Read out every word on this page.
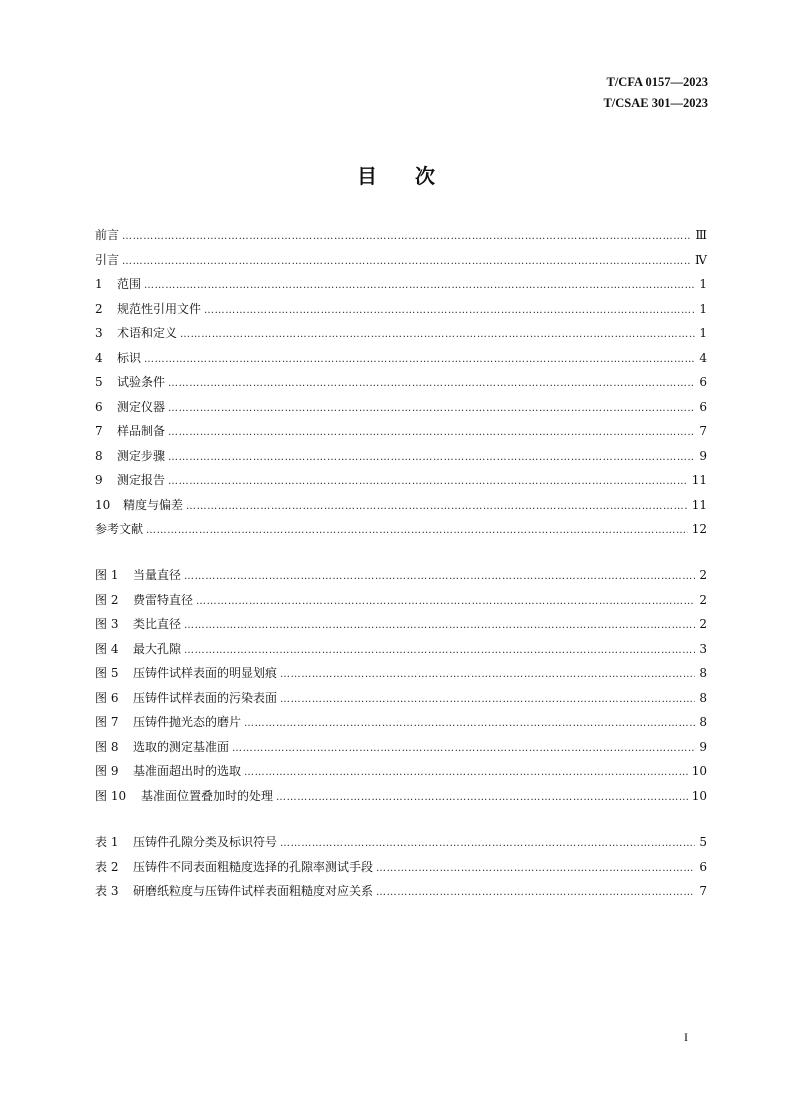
T/CFA 0157—2023
T/CSAE 301—2023
目次
前言 ……………………………………………………………………………………………………………………………………………………………………………………………………………………………………………	Ⅲ
引言 ……………………………………………………………………………………………………………………………………………………………………………………………………………………………………………	Ⅳ
1	范围 ……………………………………………………………………………………………………………………………………………………………………………………………………………………………………………	1
2	规范性引用文件 ……………………………………………………………………………………………………………………………………………………………………………………………………………………………………………	1
3	术语和定义 ……………………………………………………………………………………………………………………………………………………………………………………………………………………………………………	1
4	标识 ……………………………………………………………………………………………………………………………………………………………………………………………………………………………………………	4
5	试验条件 ……………………………………………………………………………………………………………………………………………………………………………………………………………………………………………	6
6	测定仪器 ……………………………………………………………………………………………………………………………………………………………………………………………………………………………………………	6
7	样品制备 ……………………………………………………………………………………………………………………………………………………………………………………………………………………………………………	7
8	测定步骤 ……………………………………………………………………………………………………………………………………………………………………………………………………………………………………………	9
9	测定报告 ……………………………………………………………………………………………………………………………………………………………………………………………………………………………………………	11
10	精度与偏差 ……………………………………………………………………………………………………………………………………………………………………………………………………………………………………………	11
参考文献 ……………………………………………………………………………………………………………………………………………………………………………………………………………………………………………	12
图 1	当量直径 ……………………………………………………………………………………………………………………………………………………………………………………………………………………………………………	2
图 2	费雷特直径 ……………………………………………………………………………………………………………………………………………………………………………………………………………………………………………	2
图 3	类比直径 ……………………………………………………………………………………………………………………………………………………………………………………………………………………………………………	2
图 4	最大孔隙 ……………………………………………………………………………………………………………………………………………………………………………………………………………………………………………	3
图 5	压铸件试样表面的明显划痕 ……………………………………………………………………………………………………………………………………………………………………………………………………………………………………………	8
图 6	压铸件试样表面的污染表面 ……………………………………………………………………………………………………………………………………………………………………………………………………………………………………………	8
图 7	压铸件抛光态的磨片 ……………………………………………………………………………………………………………………………………………………………………………………………………………………………………………	8
图 8	选取的测定基准面 ……………………………………………………………………………………………………………………………………………………………………………………………………………………………………………	9
图 9	基准面超出时的选取 ……………………………………………………………………………………………………………………………………………………………………………………………………………………………………………	10
图 10	基准面位置叠加时的处理 ……………………………………………………………………………………………………………………………………………………………………………………………………………………………………………	10
表 1	压铸件孔隙分类及标识符号 ……………………………………………………………………………………………………………………………………………………………………………………………………………………………………………	5
表 2	压铸件不同表面粗糙度选择的孔隙率测试手段 ……………………………………………………………………………………………………………………………………………………………………………………………………………………………………………	6
表 3	研磨纸粒度与压铸件试样表面粗糙度对应关系 ……………………………………………………………………………………………………………………………………………………………………………………………………………………………………………	7
I
